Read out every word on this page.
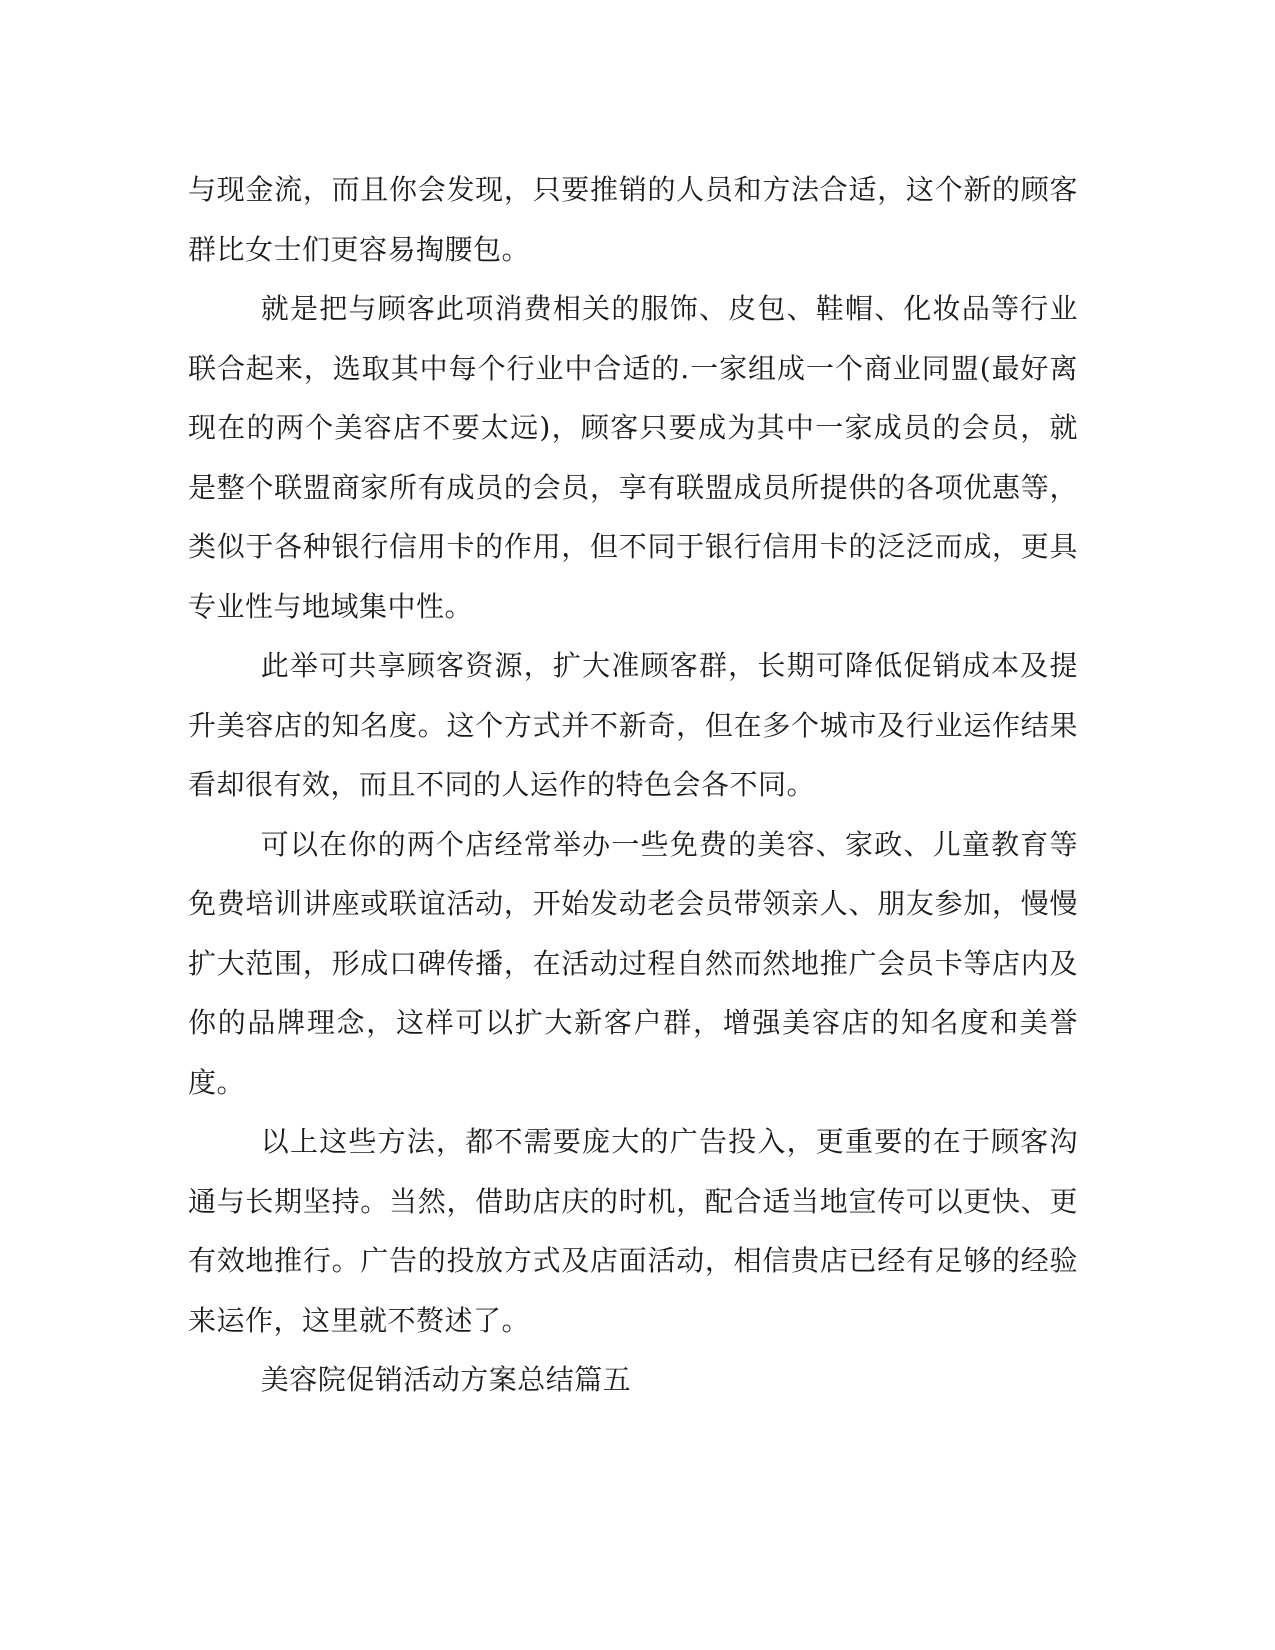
与现金流，而且你会发现，只要推销的人员和方法合适，这个新的顾客群比女士们更容易掏腰包。

就是把与顾客此项消费相关的服饰、皮包、鞋帽、化妆品等行业联合起来，选取其中每个行业中合适的.一家组成一个商业同盟(最好离现在的两个美容店不要太远)，顾客只要成为其中一家成员的会员，就是整个联盟商家所有成员的会员，享有联盟成员所提供的各项优惠等，类似于各种银行信用卡的作用，但不同于银行信用卡的泛泛而成，更具专业性与地域集中性。

此举可共享顾客资源，扩大准顾客群，长期可降低促销成本及提升美容店的知名度。这个方式并不新奇，但在多个城市及行业运作结果看却很有效，而且不同的人运作的特色会各不同。

可以在你的两个店经常举办一些免费的美容、家政、儿童教育等免费培训讲座或联谊活动，开始发动老会员带领亲人、朋友参加，慢慢扩大范围，形成口碑传播，在活动过程自然而然地推广会员卡等店内及你的品牌理念，这样可以扩大新客户群，增强美容店的知名度和美誉度。

以上这些方法，都不需要庞大的广告投入，更重要的在于顾客沟通与长期坚持。当然，借助店庆的时机，配合适当地宣传可以更快、更有效地推行。广告的投放方式及店面活动，相信贵店已经有足够的经验来运作，这里就不赘述了。

美容院促销活动方案总结篇五
